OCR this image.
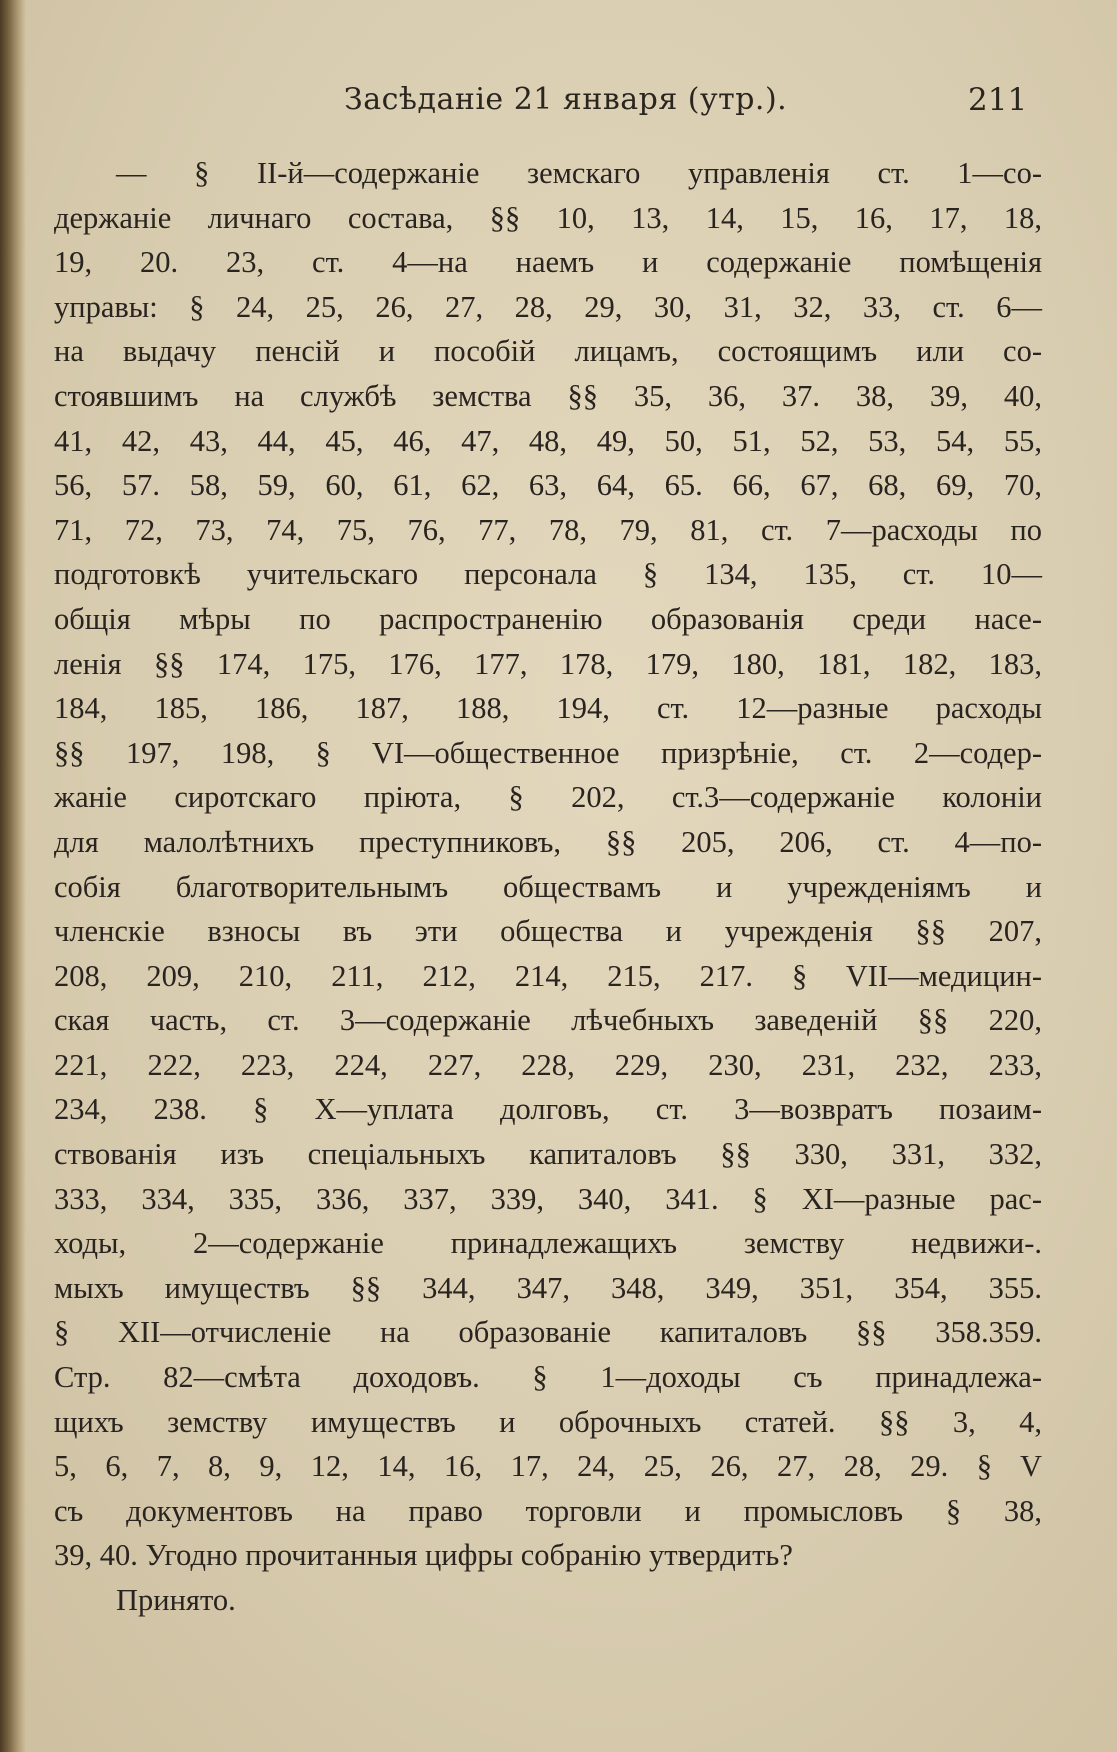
Засѣданіе 21 января (утр.).	211
— § II-й—содержаніе земскаго управленія ст. 1—со-
держаніе личнаго состава, §§ 10, 13, 14, 15, 16, 17, 18,
19, 20. 23, ст. 4—на наемъ и содержаніе помѣщенія
управы: § 24, 25, 26, 27, 28, 29, 30, 31, 32, 33, ст. 6—
на выдачу пенсій и пособій лицамъ, состоящимъ или со-
стоявшимъ на службѣ земства §§ 35, 36, 37. 38, 39, 40,
41, 42, 43, 44, 45, 46, 47, 48, 49, 50, 51, 52, 53, 54, 55,
56, 57. 58, 59, 60, 61, 62, 63, 64, 65. 66, 67, 68, 69, 70,
71, 72, 73, 74, 75, 76, 77, 78, 79, 81, ст. 7—расходы по
подготовкѣ учительскаго персонала § 134, 135, ст. 10—
общія мѣры по распространенію образованія среди насе-
ленія §§ 174, 175, 176, 177, 178, 179, 180, 181, 182, 183,
184, 185, 186, 187, 188, 194, ст. 12—разные расходы
§§ 197, 198, § VI—общественное призрѣніе, ст. 2—содер-
жаніе сиротскаго пріюта, § 202, ст.3—содержаніе колоніи
для малолѣтнихъ преступниковъ, §§ 205, 206, ст. 4—по-
собія благотворительнымъ обществамъ и учрежденіямъ и
членскіе взносы въ эти общества и учрежденія §§ 207,
208, 209, 210, 211, 212, 214, 215, 217. § VII—медицин-
ская часть, ст. 3—содержаніе лѣчебныхъ заведеній §§ 220,
221, 222, 223, 224, 227, 228, 229, 230, 231, 232, 233,
234, 238. § X—уплата долговъ, ст. 3—возвратъ позаим-
ствованія изъ спеціальныхъ капиталовъ §§ 330, 331, 332,
333, 334, 335, 336, 337, 339, 340, 341. § XI—разные рас-
ходы, 2—содержаніе принадлежащихъ земству недвижи-.
мыхъ имуществъ §§ 344, 347, 348, 349, 351, 354, 355.
§ XII—отчисленіе на образованіе капиталовъ §§ 358.359.
Стр. 82—смѣта доходовъ. § 1—доходы съ принадлежа-
щихъ земству имуществъ и оброчныхъ статей. §§ 3, 4,
5, 6, 7, 8, 9, 12, 14, 16, 17, 24, 25, 26, 27, 28, 29. § V
съ документовъ на право торговли и промысловъ § 38,
39, 40. Угодно прочитанныя цифры собранію утвердить?
Принято.
